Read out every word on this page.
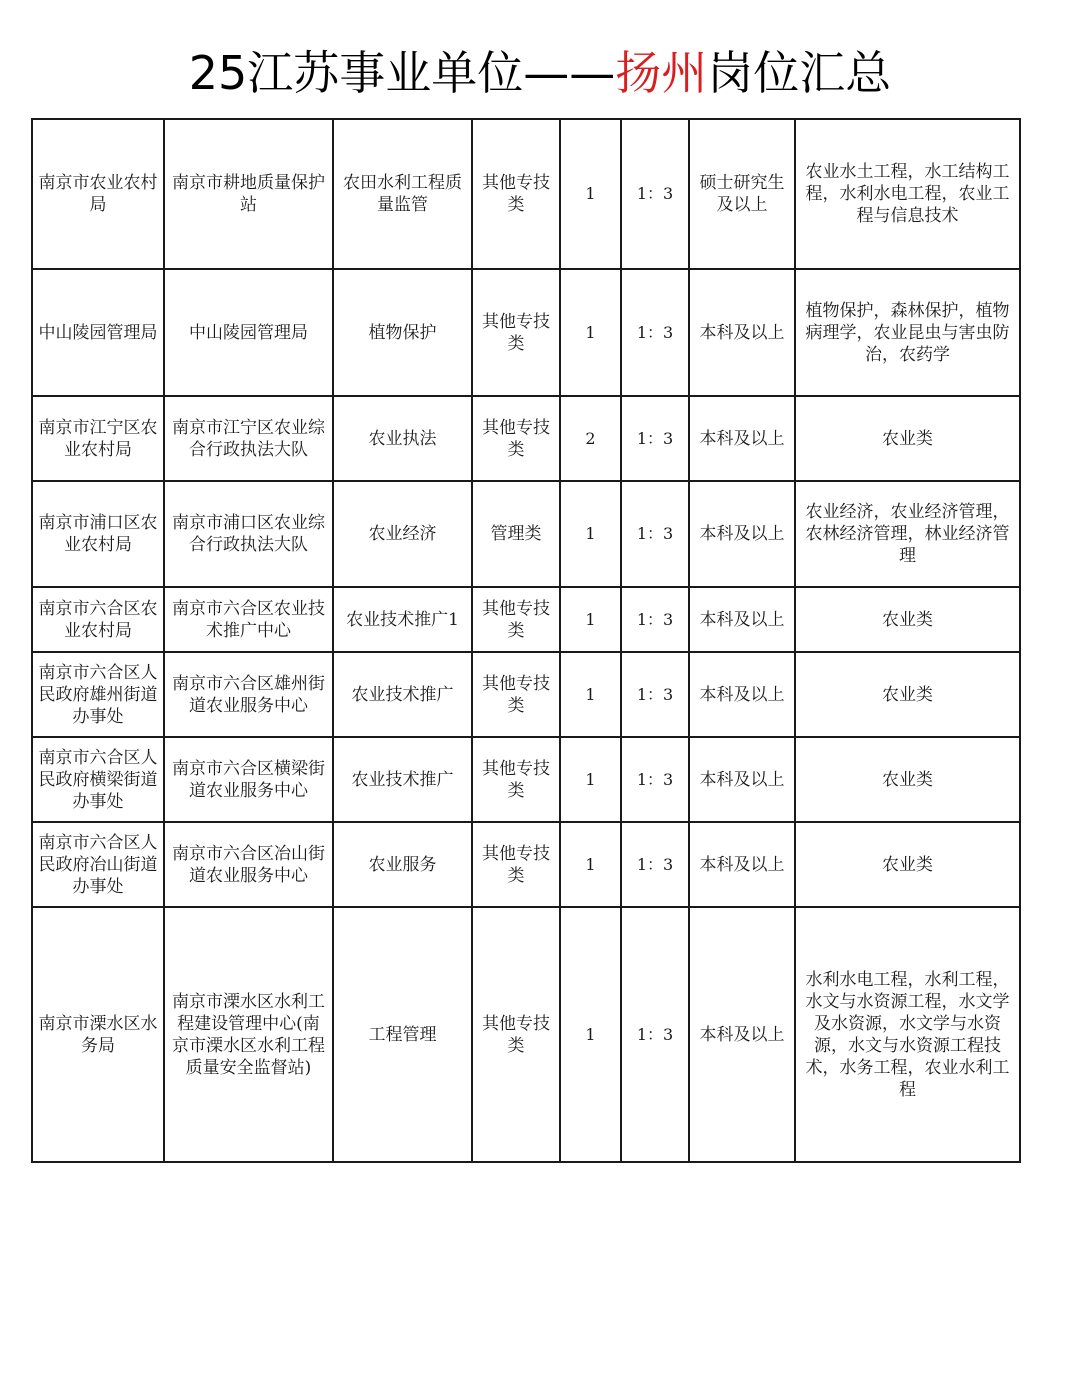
25江苏事业单位——扬州岗位汇总
南京市农业农村局	南京市耕地质量保护站	农田水利工程质量监管	其他专技类	1	1：3	硕士研究生及以上	农业水土工程，水工结构工程，水利水电工程，农业工程与信息技术
中山陵园管理局	中山陵园管理局	植物保护	其他专技类	1	1：3	本科及以上	植物保护，森林保护，植物病理学，农业昆虫与害虫防治，农药学
南京市江宁区农业农村局	南京市江宁区农业综合行政执法大队	农业执法	其他专技类	2	1：3	本科及以上	农业类
南京市浦口区农业农村局	南京市浦口区农业综合行政执法大队	农业经济	管理类	1	1：3	本科及以上	农业经济，农业经济管理，农林经济管理，林业经济管理
南京市六合区农业农村局	南京市六合区农业技术推广中心	农业技术推广1	其他专技类	1	1：3	本科及以上	农业类
南京市六合区人民政府雄州街道办事处	南京市六合区雄州街道农业服务中心	农业技术推广	其他专技类	1	1：3	本科及以上	农业类
南京市六合区人民政府横梁街道办事处	南京市六合区横梁街道农业服务中心	农业技术推广	其他专技类	1	1：3	本科及以上	农业类
南京市六合区人民政府冶山街道办事处	南京市六合区冶山街道农业服务中心	农业服务	其他专技类	1	1：3	本科及以上	农业类
南京市溧水区水务局	南京市溧水区水利工程建设管理中心(南京市溧水区水利工程质量安全监督站)	工程管理	其他专技类	1	1：3	本科及以上	水利水电工程，水利工程，水文与水资源工程，水文学及水资源，水文学与水资源，水文与水资源工程技术，水务工程，农业水利工程
